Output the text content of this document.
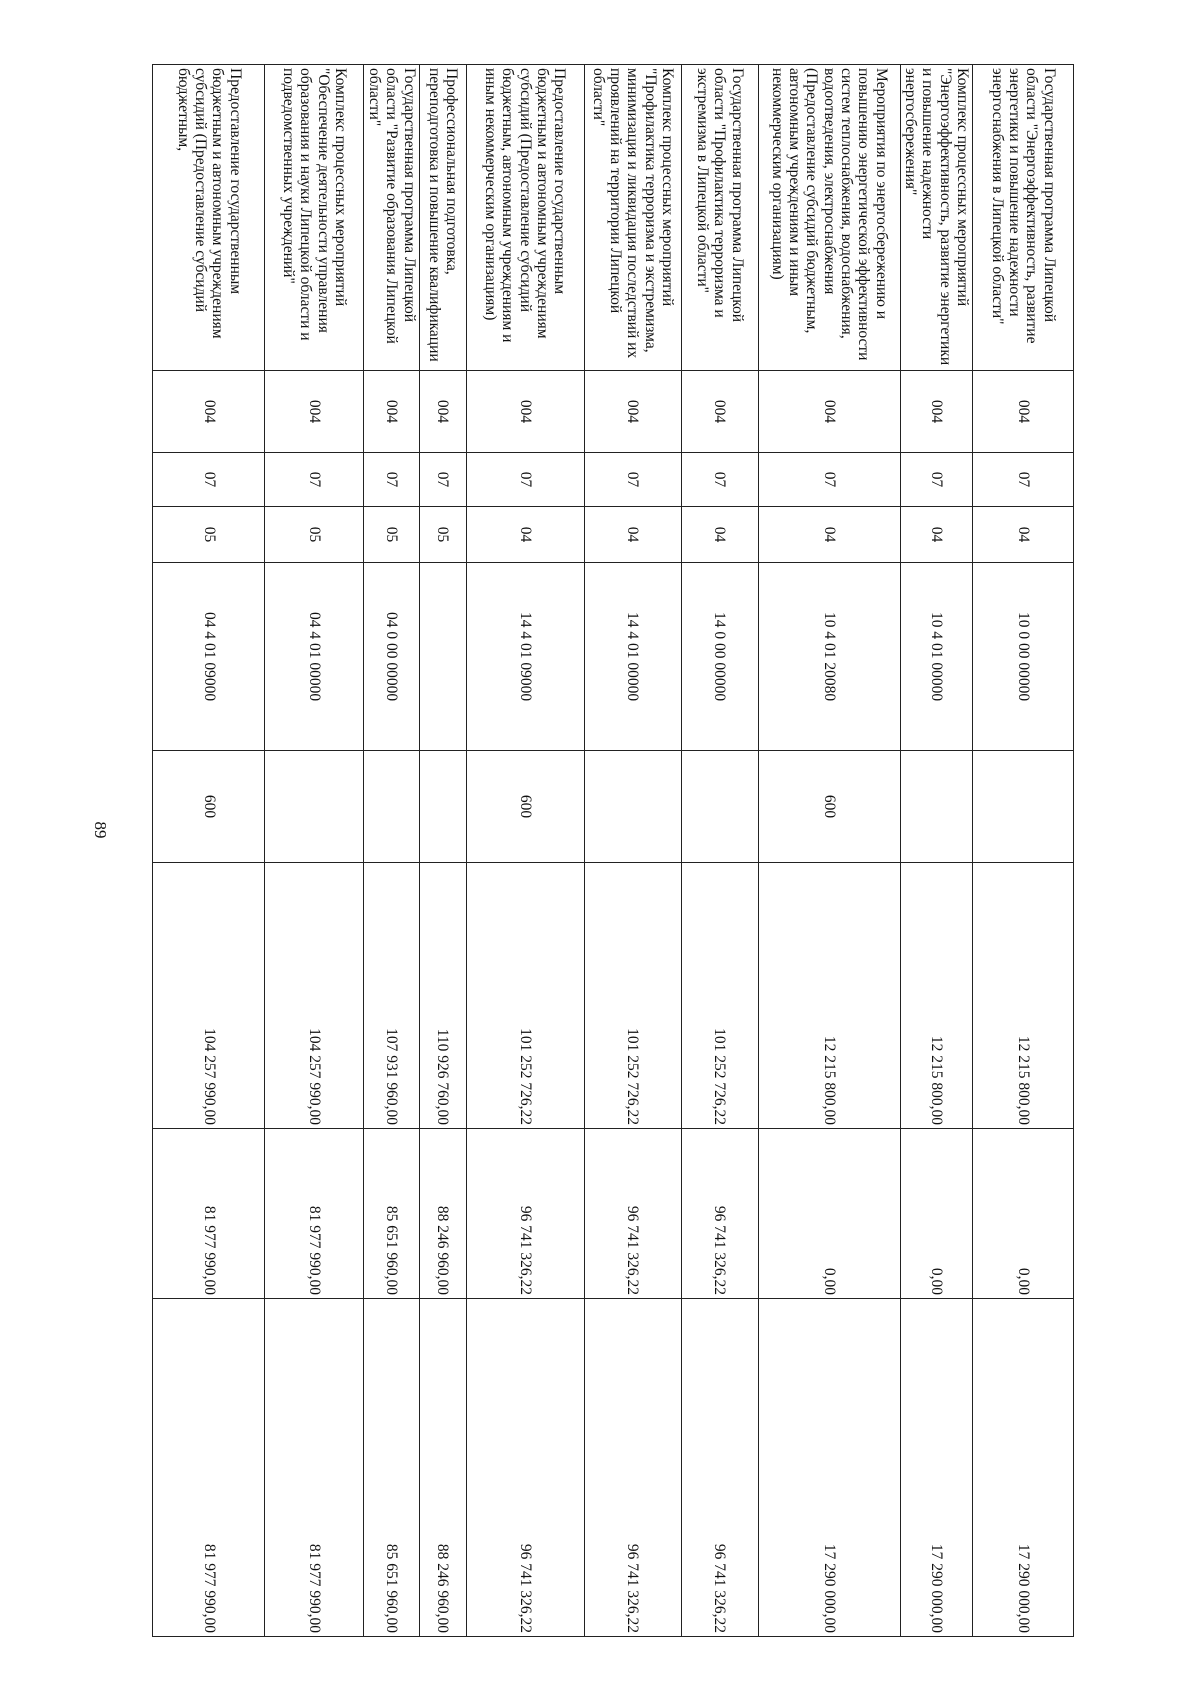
89
Государственная программа Липецкой области "Энергоэффективность, развитие энергетики и повышение надежности энергоснабжения в Липецкой области"	004	07	04	10 0 00 00000		12 215 800,00	0,00	17 290 000,00
Комплекс процессных мероприятий "Энергоэффективность, развитие энергетики и повышение надежности энергосбережения"	004	07	04	10 4 01 00000		12 215 800,00	0,00	17 290 000,00
Мероприятия по энергосбережению и повышению энергетической эффективности систем теплоснабжения, водоснабжения, водоотведения, электроснабжения (Предоставление субсидий бюджетным, автономным учреждениям и иным некоммерческим организациям)	004	07	04	10 4 01 20080	600	12 215 800,00	0,00	17 290 000,00
Государственная программа Липецкой области "Профилактика терроризма и экстремизма в Липецкой области"	004	07	04	14 0 00 00000		101 252 726,22	96 741 326,22	96 741 326,22
Комплекс процессных мероприятий "Профилактика терроризма и экстремизма, минимизация и ликвидация последствий их проявлений на территории Липецкой области"	004	07	04	14 4 01 00000		101 252 726,22	96 741 326,22	96 741 326,22
Предоставление государственным бюджетным и автономным учреждениям субсидий (Предоставление субсидий бюджетным, автономным учреждениям и иным некоммерческим организациям)	004	07	04	14 4 01 09000	600	101 252 726,22	96 741 326,22	96 741 326,22
Профессиональная подготовка, переподготовка и повышение квалификации	004	07	05			110 926 760,00	88 246 960,00	88 246 960,00
Государственная программа Липецкой области "Развитие образования Липецкой области"	004	07	05	04 0 00 00000		107 931 960,00	85 651 960,00	85 651 960,00
Комплекс процессных мероприятий "Обеспечение деятельности управления образования и науки Липецкой области и подведомственных учреждений"	004	07	05	04 4 01 00000		104 257 990,00	81 977 990,00	81 977 990,00
Предоставление государственным бюджетным и автономным учреждениям субсидий (Предоставление субсидий бюджетным,	004	07	05	04 4 01 09000	600	104 257 990,00	81 977 990,00	81 977 990,00
